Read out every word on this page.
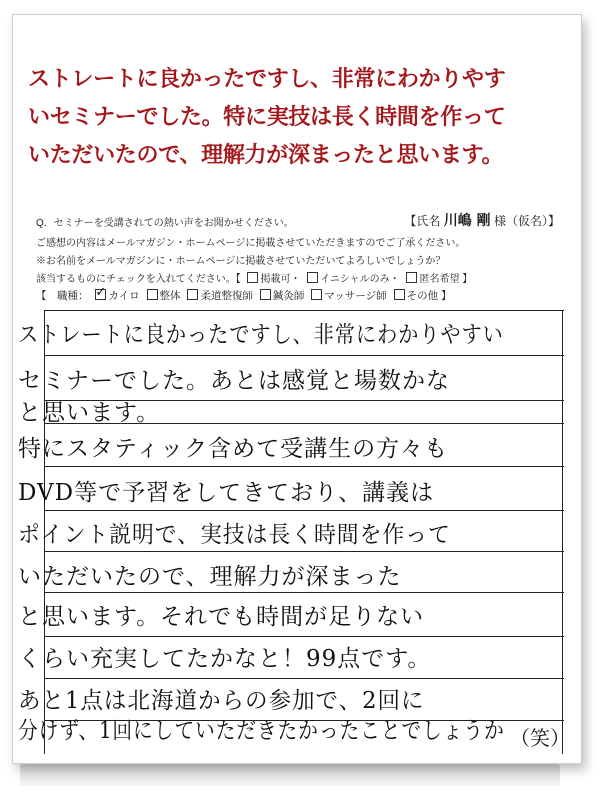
ストレートに良かったですし、非常にわかりやす
いセミナーでした。特に実技は長く時間を作って
いただいたので、理解力が深まったと思います。
Q．セミナーを受講されての熱い声をお聞かせください。	【氏名 川嶋 剛 様（仮名）】
ご感想の内容はメールマガジン・ホームページに掲載させていただきますのでご了承ください。
※お名前をメールマガジンに・ホームページに掲載させていただいてよろしいでしょうか？
該当するものにチェックを入れてください。【 掲載可・ イニシャルのみ・ 匿名希望 】
【　職種： ✓ カイロ 整体 柔道整復師 鍼灸師 マッサージ師 その他 】
ストレートに良かったですし、非常にわかりやすい
セミナーでした。あとは感覚と場数かな
と思います。
特にスタティック含めて受講生の方々も
DVD等で予習をしてきており、講義は
ポイント説明で、実技は長く時間を作って
いただいたので、理解力が深まった
と思います。それでも時間が足りない
くらい充実してたかなと！99点です。
あと1点は北海道からの参加で、2回に
分けず、1回にしていただきたかったことでしょうか （笑）
